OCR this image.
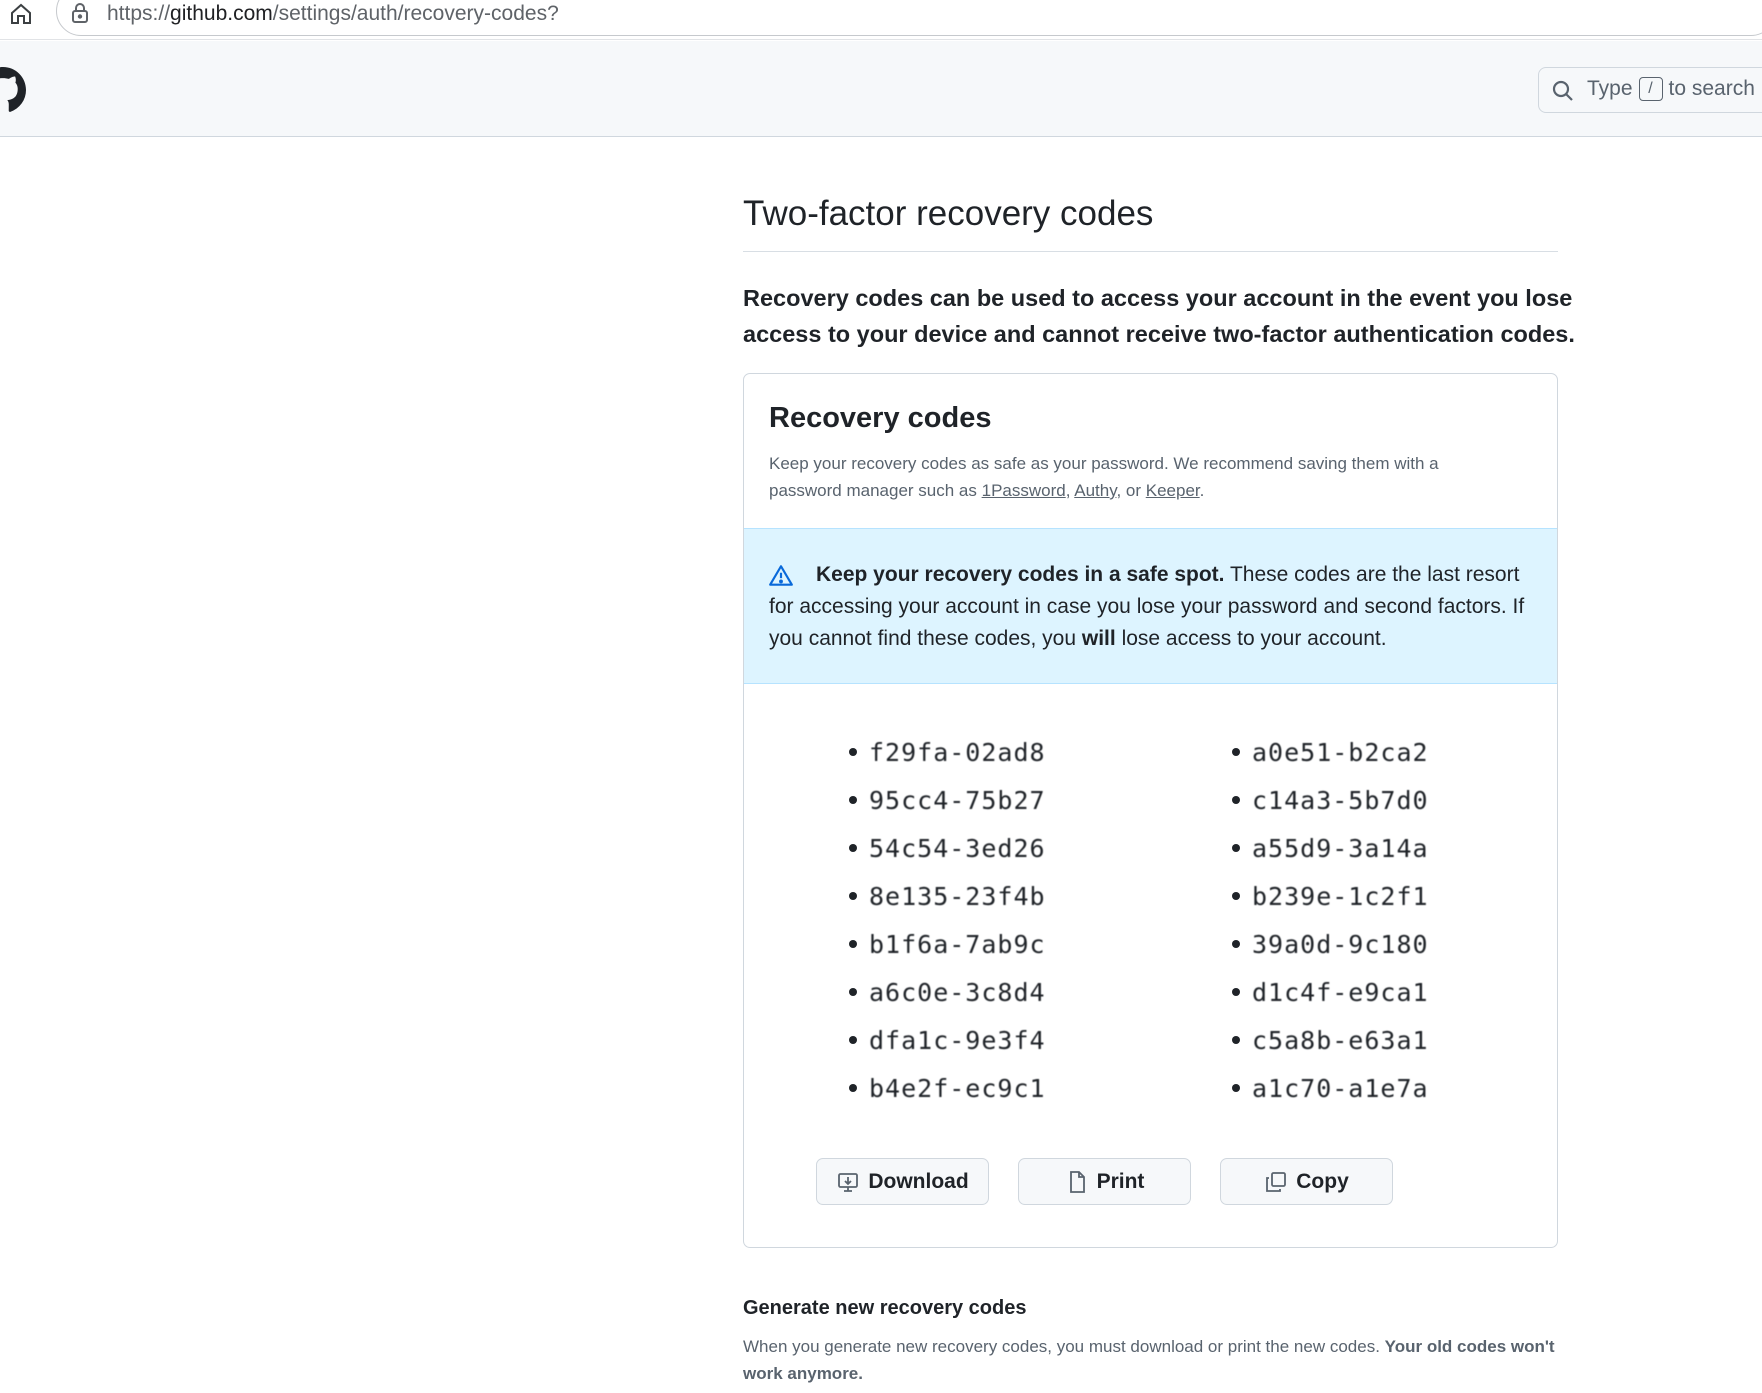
https://github.com/settings/auth/recovery-codes?
Type / to search
Two-factor recovery codes

Recovery codes can be used to access your account in the event you lose access to your device and cannot receive two-factor authentication codes.

Recovery codes

Keep your recovery codes as safe as your password. We recommend saving them with a password manager such as 1Password, Authy, or Keeper.

Keep your recovery codes in a safe spot. These codes are the last resort for accessing your account in case you lose your password and second factors. If you cannot find these codes, you will lose access to your account.

f29fa-02ad8
95cc4-75b27
54c54-3ed26
8e135-23f4b
b1f6a-7ab9c
a6c0e-3c8d4
dfa1c-9e3f4
b4e2f-ec9c1
a0e51-b2ca2
c14a3-5b7d0
a55d9-3a14a
b239e-1c2f1
39a0d-9c180
d1c4f-e9ca1
c5a8b-e63a1
a1c70-a1e7a
Download	Print	Copy
Generate new recovery codes

When you generate new recovery codes, you must download or print the new codes. Your old codes won't work anymore.
